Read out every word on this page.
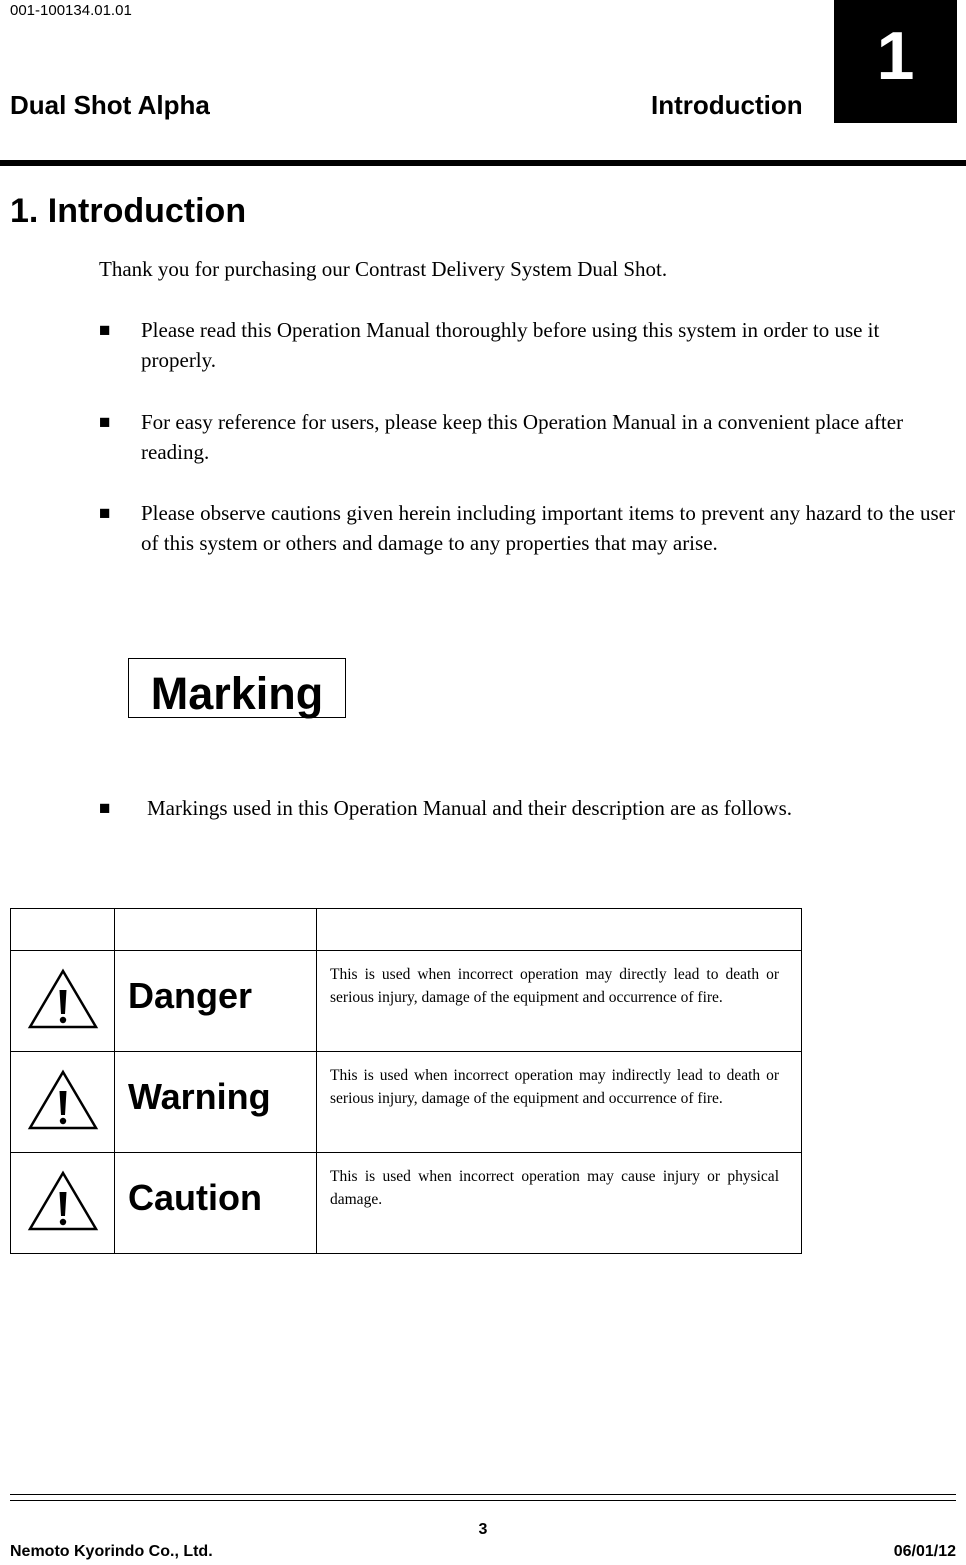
001-100134.01.01
Dual Shot Alpha	Introduction
1
1. Introduction
Thank you for purchasing our Contrast Delivery System Dual Shot.
■ Please read this Operation Manual thoroughly before using this system in order to use it properly.
■ For easy reference for users, please keep this Operation Manual in a convenient place after reading.
■ Please observe cautions given herein including important items to prevent any hazard to the user of this system or others and damage to any properties that may arise.
Marking
■ Markings used in this Operation Manual and their description are as follows.

	Danger	This is used when incorrect operation may directly lead to death or serious injury, damage of the equipment and occurrence of fire.
	Warning	This is used when incorrect operation may indirectly lead to death or serious injury, damage of the equipment and occurrence of fire.
	Caution	This is used when incorrect operation may cause injury or physical damage.
3
Nemoto Kyorindo Co., Ltd.	06/01/12
